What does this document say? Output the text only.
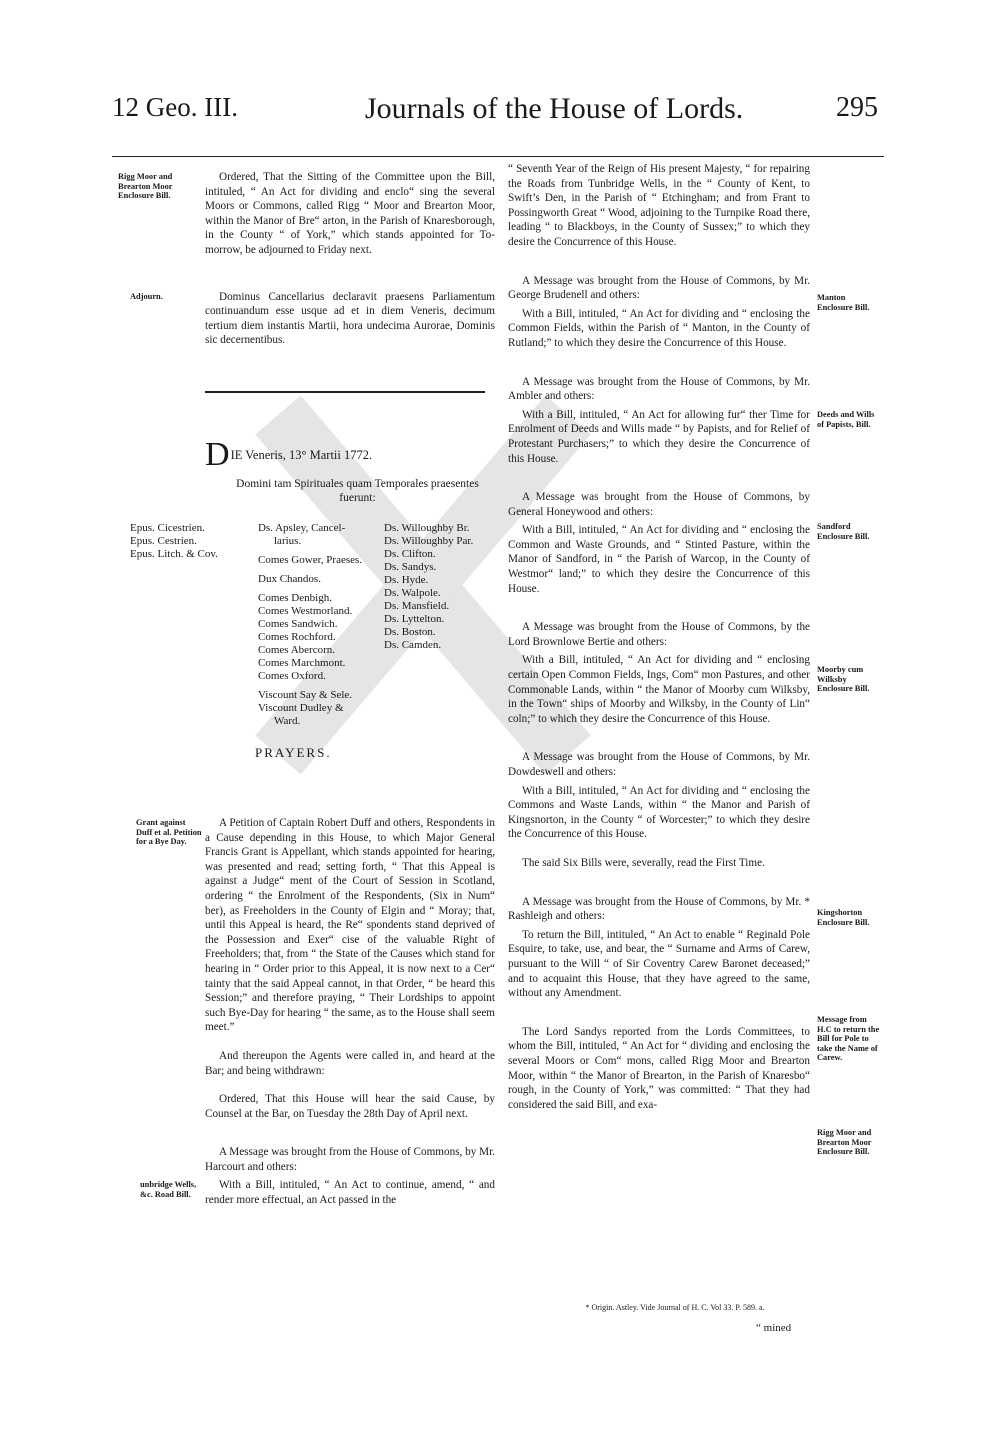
12 Geo. III.	Journals of the House of Lords.	295
Rigg Moor and Brearton Moor Enclosure Bill.
Adjourn.
Grant against Duff et al. Petition for a Bye Day.
unbridge Wells, &c. Road Bill.
Manton Enclosure Bill.
Deeds and Wills of Papists, Bill.
Sandford Enclosure Bill.
Moorby cum Wilksby Enclosure Bill.
Kingshorton Enclosure Bill.
Message from H.C to return the Bill for Pole to take the Name of Carew.
Rigg Moor and Brearton Moor Enclosure Bill.

Ordered, That the Sitting of the Committee upon the Bill, intituled, “ An Act for dividing and enclo“ sing the several Moors or Commons, called Rigg “ Moor and Brearton Moor, within the Manor of Bre“ arton, in the Parish of Knaresborough, in the County “ of York,” which stands appointed for To-morrow, be adjourned to Friday next.

Dominus Cancellarius declaravit praesens Parliamentum continuandum esse usque ad et in diem Veneris, decimum tertium diem instantis Martii, hora undecima Aurorae, Dominis sic decernentibus.

DIE Veneris, 13° Martii 1772.
Domini tam Spirituales quam Temporales praesentes fuerunt:
Epus. Cicestrien.
Epus. Cestrien.
Epus. Litch. & Cov.
Ds. Apsley, Cancel-
larius.
Comes Gower, Praeses.
Dux Chandos.
Comes Denbigh.
Comes Westmorland.
Comes Sandwich.
Comes Rochford.
Comes Abercorn.
Comes Marchmont.
Comes Oxford.
Viscount Say & Sele.
Viscount Dudley &
Ward.
Ds. Willoughby Br.
Ds. Willoughby Par.
Ds. Clifton.
Ds. Sandys.
Ds. Hyde.
Ds. Walpole.
Ds. Mansfield.
Ds. Lyttelton.
Ds. Boston.
Ds. Camden.
PRAYERS.

A Petition of Captain Robert Duff and others, Respondents in a Cause depending in this House, to which Major General Francis Grant is Appellant, which stands appointed for hearing, was presented and read; setting forth, “ That this Appeal is against a Judge“ ment of the Court of Session in Scotland, ordering “ the Enrolment of the Respondents, (Six in Num“ ber), as Freeholders in the County of Elgin and “ Moray; that, until this Appeal is heard, the Re“ spondents stand deprived of the Possession and Exer“ cise of the valuable Right of Freeholders; that, from “ the State of the Causes which stand for hearing in “ Order prior to this Appeal, it is now next to a Cer“ tainty that the said Appeal cannot, in that Order, “ be heard this Session;” and therefore praying, “ Their Lordships to appoint such Bye-Day for hearing “ the same, as to the House shall seem meet.”

And thereupon the Agents were called in, and heard at the Bar; and being withdrawn:

Ordered, That this House will hear the said Cause, by Counsel at the Bar, on Tuesday the 28th Day of April next.

A Message was brought from the House of Commons, by Mr. Harcourt and others:

With a Bill, intituled, “ An Act to continue, amend, “ and render more effectual, an Act passed in the

“ Seventh Year of the Reign of His present Majesty, “ for repairing the Roads from Tunbridge Wells, in the “ County of Kent, to Swift’s Den, in the Parish of “ Etchingham; and from Frant to Possingworth Great “ Wood, adjoining to the Turnpike Road there, leading “ to Blackboys, in the County of Sussex;” to which they desire the Concurrence of this House.

A Message was brought from the House of Commons, by Mr. George Brudenell and others:

With a Bill, intituled, “ An Act for dividing and “ enclosing the Common Fields, within the Parish of “ Manton, in the County of Rutland;” to which they desire the Concurrence of this House.

A Message was brought from the House of Commons, by Mr. Ambler and others:

With a Bill, intituled, “ An Act for allowing fur“ ther Time for Enrolment of Deeds and Wills made “ by Papists, and for Relief of Protestant Purchasers;” to which they desire the Concurrence of this House.

A Message was brought from the House of Commons, by General Honeywood and others:

With a Bill, intituled, “ An Act for dividing and “ enclosing the Common and Waste Grounds, and “ Stinted Pasture, within the Manor of Sandford, in “ the Parish of Warcop, in the County of Westmor“ land;” to which they desire the Concurrence of this House.

A Message was brought from the House of Commons, by the Lord Brownlowe Bertie and others:

With a Bill, intituled, “ An Act for dividing and “ enclosing certain Open Common Fields, Ings, Com“ mon Pastures, and other Commonable Lands, within “ the Manor of Moorby cum Wilksby, in the Town“ ships of Moorby and Wilksby, in the County of Lin“ coln;” to which they desire the Concurrence of this House.

A Message was brought from the House of Commons, by Mr. Dowdeswell and others:

With a Bill, intituled, “ An Act for dividing and “ enclosing the Commons and Waste Lands, within “ the Manor and Parish of Kingsnorton, in the County “ of Worcester;” to which they desire the Concurrence of this House.

The said Six Bills were, severally, read the First Time.

A Message was brought from the House of Commons, by Mr. * Rashleigh and others:

To return the Bill, intituled, “ An Act to enable “ Reginald Pole Esquire, to take, use, and bear, the “ Surname and Arms of Carew, pursuant to the Will “ of Sir Coventry Carew Baronet deceased;” and to acquaint this House, that they have agreed to the same, without any Amendment.

The Lord Sandys reported from the Lords Committees, to whom the Bill, intituled, “ An Act for “ dividing and enclosing the several Moors or Com“ mons, called Rigg Moor and Brearton Moor, within “ the Manor of Brearton, in the Parish of Knaresbo“ rough, in the County of York,” was committed: “ That they had considered the said Bill, and exa-

* Origin. Astley. Vide Journal of H. C. Vol 33. P. 589. a.
“ mined
